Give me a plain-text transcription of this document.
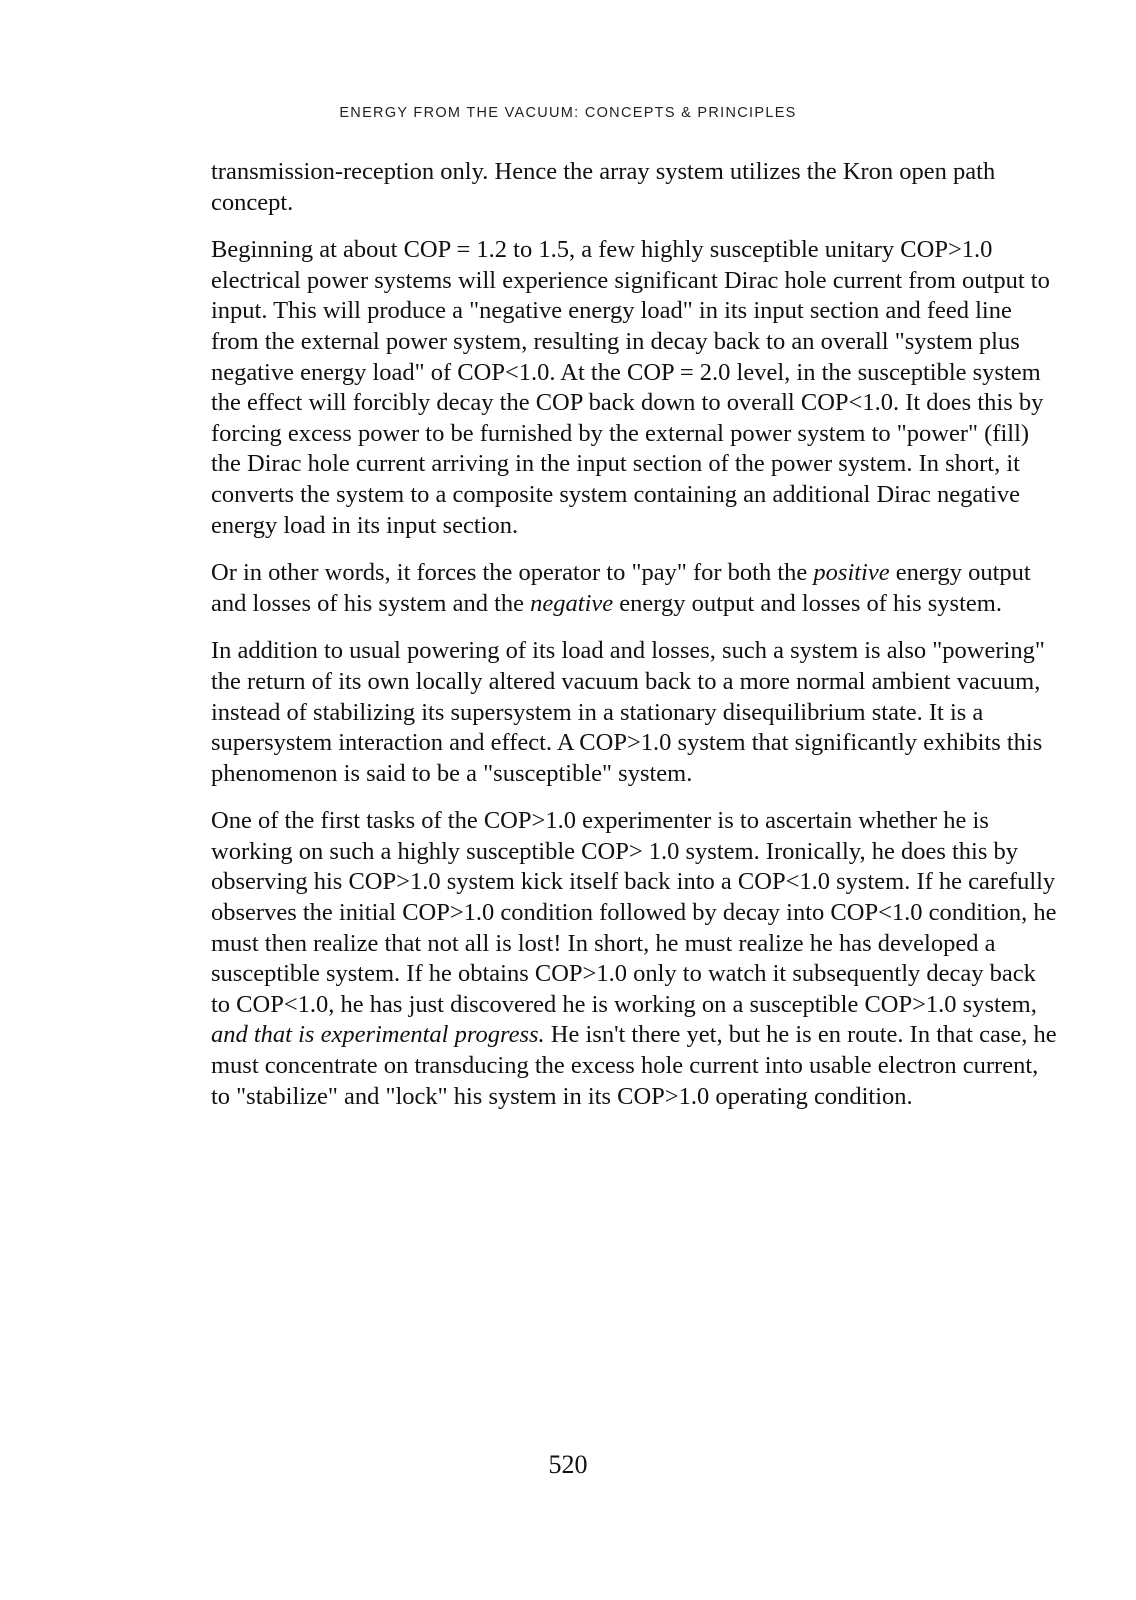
ENERGY FROM THE VACUUM: CONCEPTS & PRINCIPLES

transmission-reception only. Hence the array system utilizes the Kron open path concept.

Beginning at about COP = 1.2 to 1.5, a few highly susceptible unitary COP>1.0 electrical power systems will experience significant Dirac hole current from output to input. This will produce a "negative energy load" in its input section and feed line from the external power system, resulting in decay back to an overall "system plus negative energy load" of COP<1.0. At the COP = 2.0 level, in the susceptible system the effect will forcibly decay the COP back down to overall COP<1.0. It does this by forcing excess power to be furnished by the external power system to "power" (fill) the Dirac hole current arriving in the input section of the power system. In short, it converts the system to a composite system containing an additional Dirac negative energy load in its input section.

Or in other words, it forces the operator to "pay" for both the positive energy output and losses of his system and the negative energy output and losses of his system.

In addition to usual powering of its load and losses, such a system is also "powering" the return of its own locally altered vacuum back to a more normal ambient vacuum, instead of stabilizing its supersystem in a stationary disequilibrium state. It is a supersystem interaction and effect. A COP>1.0 system that significantly exhibits this phenomenon is said to be a "susceptible" system.

One of the first tasks of the COP>1.0 experimenter is to ascertain whether he is working on such a highly susceptible COP> 1.0 system. Ironically, he does this by observing his COP>1.0 system kick itself back into a COP<1.0 system. If he carefully observes the initial COP>1.0 condition followed by decay into COP<1.0 condition, he must then realize that not all is lost! In short, he must realize he has developed a susceptible system. If he obtains COP>1.0 only to watch it subsequently decay back to COP<1.0, he has just discovered he is working on a susceptible COP>1.0 system, and that is experimental progress. He isn't there yet, but he is en route. In that case, he must concentrate on transducing the excess hole current into usable electron current, to "stabilize" and "lock" his system in its COP>1.0 operating condition.

520
